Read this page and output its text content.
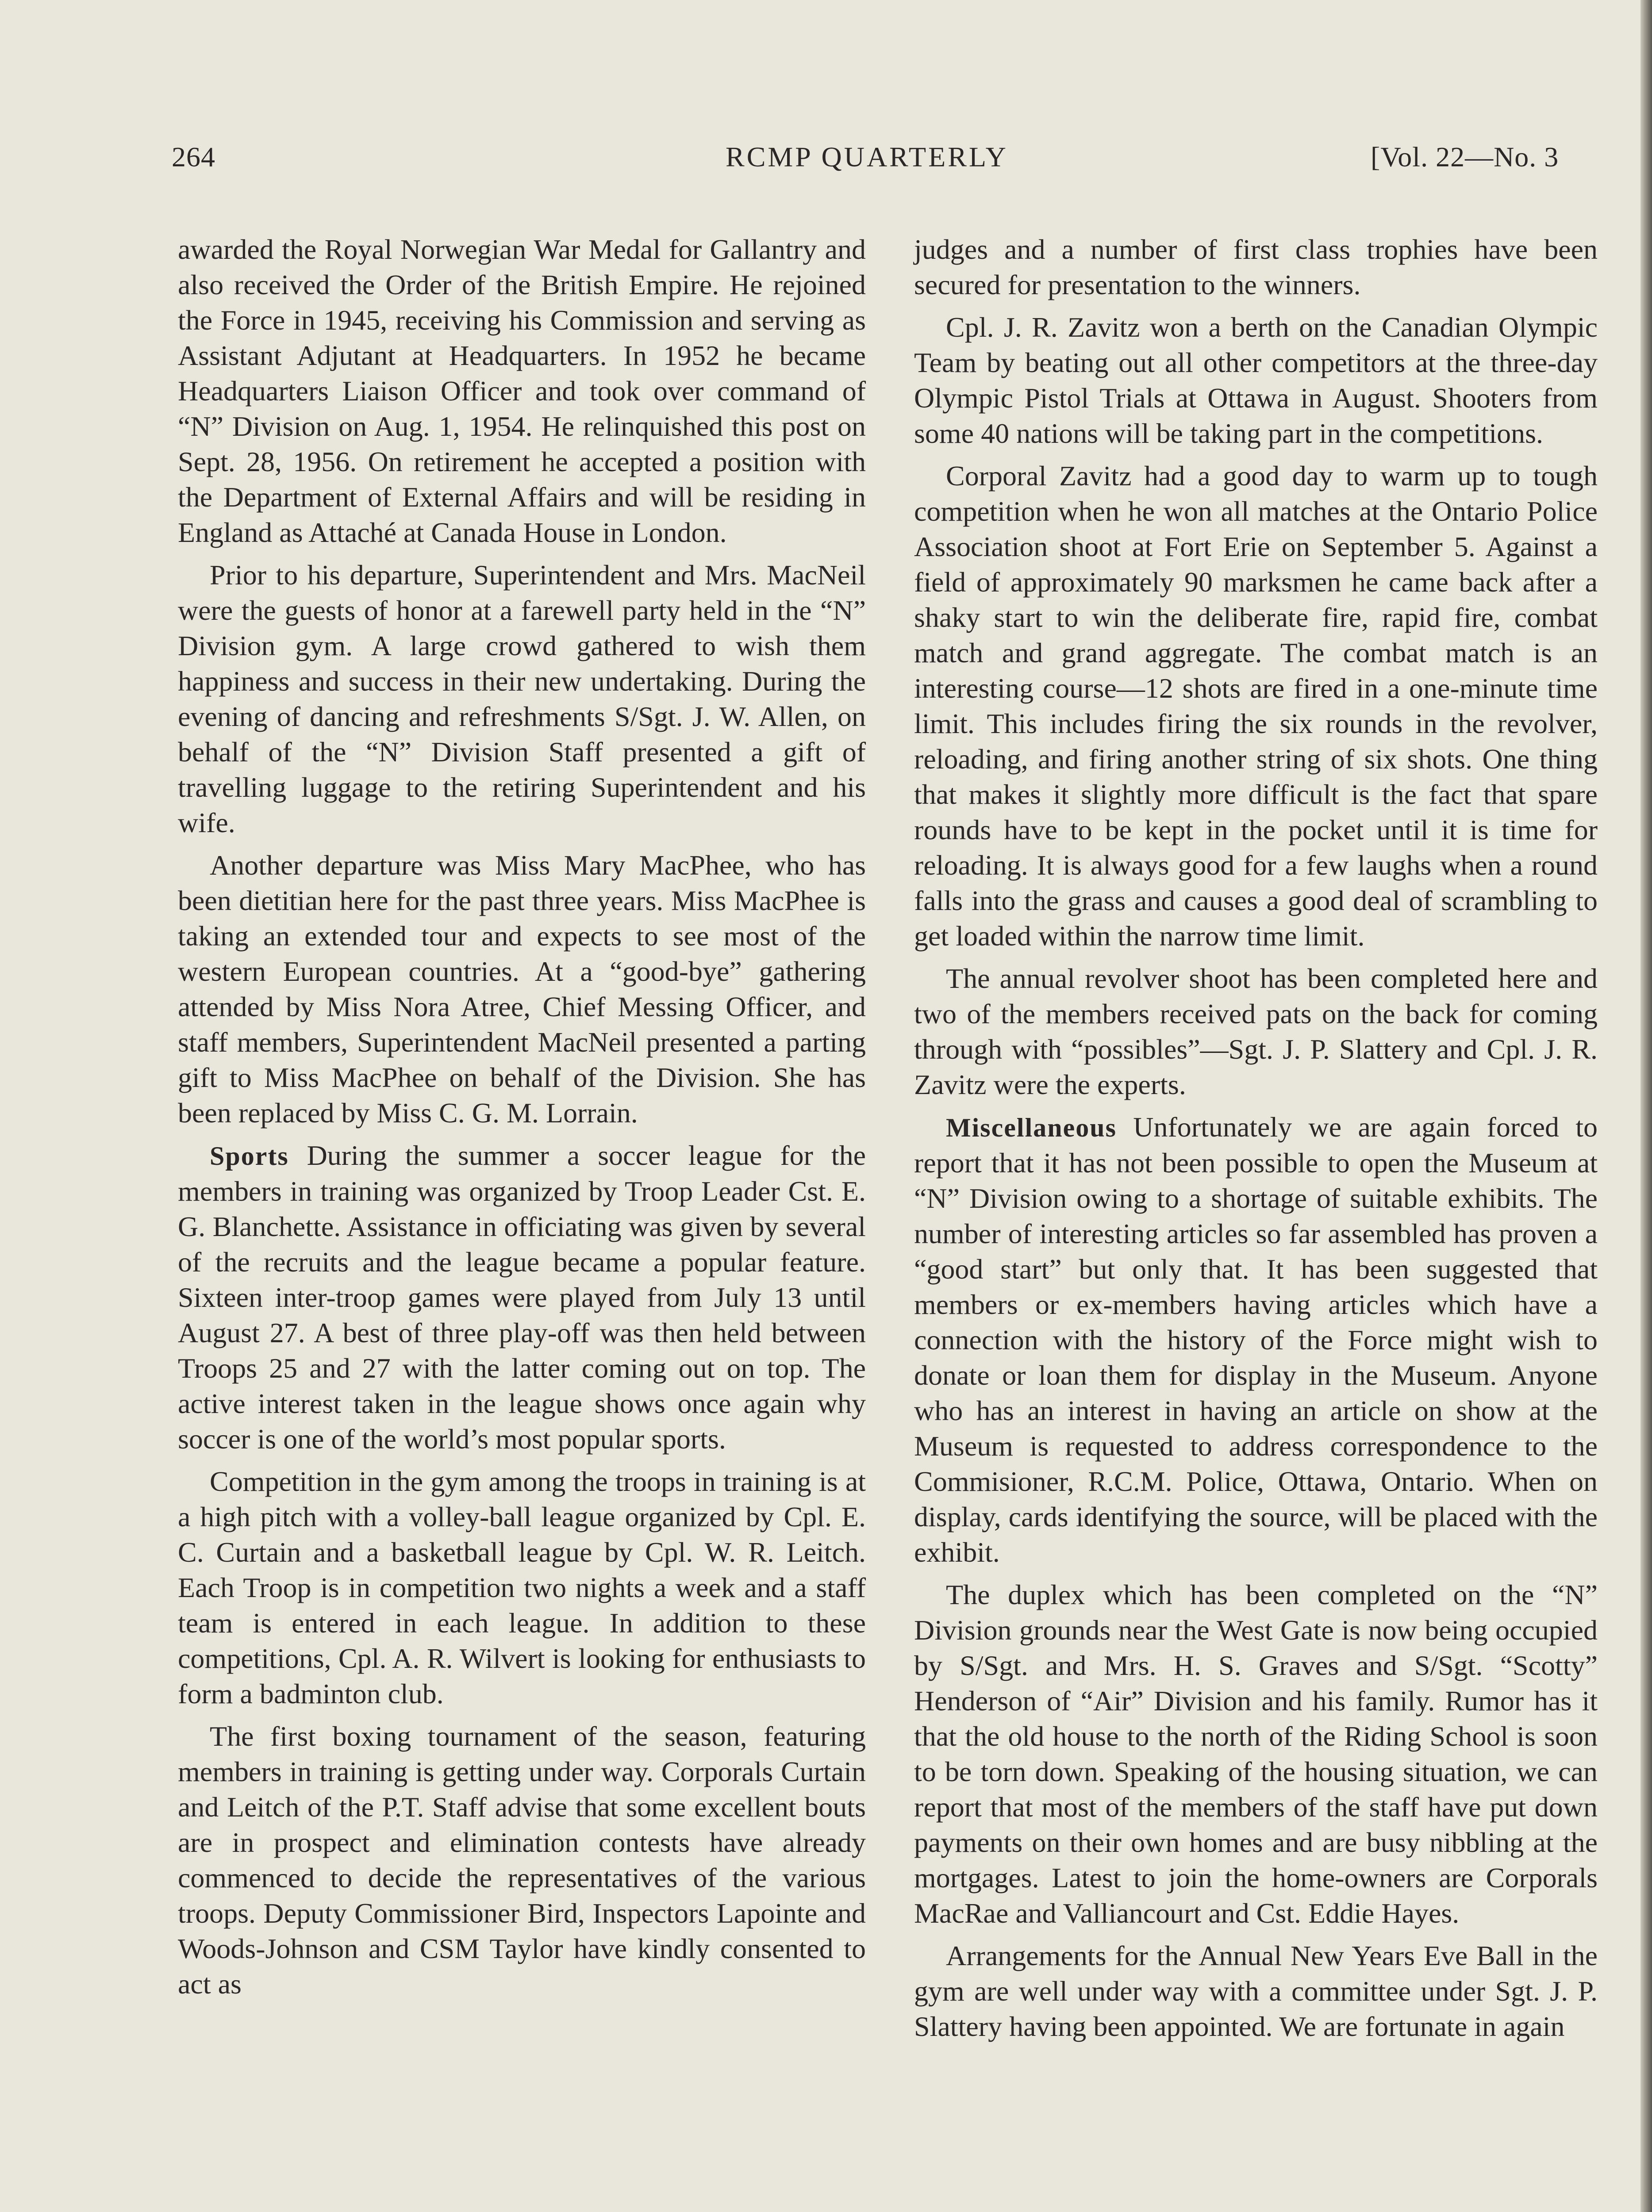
264	RCMP QUARTERLY	[Vol. 22—No. 3

awarded the Royal Norwegian War Medal for Gallantry and also received the Order of the British Empire. He rejoined the Force in 1945, receiving his Commission and serving as Assistant Adjutant at Headquarters. In 1952 he became Headquarters Liaison Officer and took over command of “N” Division on Aug. 1, 1954. He relinquished this post on Sept. 28, 1956. On retirement he accepted a position with the Department of External Affairs and will be residing in England as Attaché at Canada House in London.

Prior to his departure, Superintendent and Mrs. MacNeil were the guests of honor at a farewell party held in the “N” Division gym. A large crowd gathered to wish them happiness and success in their new undertaking. During the evening of dancing and refreshments S/Sgt. J. W. Allen, on behalf of the “N” Division Staff presented a gift of travelling luggage to the retiring Superintendent and his wife.

Another departure was Miss Mary MacPhee, who has been dietitian here for the past three years. Miss MacPhee is taking an extended tour and expects to see most of the western European countries. At a “good-bye” gathering attended by Miss Nora Atree, Chief Messing Officer, and staff members, Superintendent MacNeil presented a parting gift to Miss MacPhee on behalf of the Division. She has been replaced by Miss C. G. M. Lorrain.

Sports During the summer a soccer league for the members in training was organized by Troop Leader Cst. E. G. Blanchette. Assistance in officiating was given by several of the recruits and the league became a popular feature. Sixteen inter-troop games were played from July 13 until August 27. A best of three play-off was then held between Troops 25 and 27 with the latter coming out on top. The active interest taken in the league shows once again why soccer is one of the world’s most popular sports.

Competition in the gym among the troops in training is at a high pitch with a volley-ball league organized by Cpl. E. C. Curtain and a basketball league by Cpl. W. R. Leitch. Each Troop is in competition two nights a week and a staff team is entered in each league. In addition to these competitions, Cpl. A. R. Wilvert is looking for enthusiasts to form a badminton club.

The first boxing tournament of the season, featuring members in training is getting under way. Corporals Curtain and Leitch of the P.T. Staff advise that some excellent bouts are in prospect and elimination contests have already commenced to decide the representatives of the various troops. Deputy Commissioner Bird, Inspectors Lapointe and Woods-Johnson and CSM Taylor have kindly consented to act as

judges and a number of first class trophies have been secured for presentation to the winners.

Cpl. J. R. Zavitz won a berth on the Canadian Olympic Team by beating out all other competitors at the three-day Olympic Pistol Trials at Ottawa in August. Shooters from some 40 nations will be taking part in the competitions.

Corporal Zavitz had a good day to warm up to tough competition when he won all matches at the Ontario Police Association shoot at Fort Erie on September 5. Against a field of approximately 90 marksmen he came back after a shaky start to win the deliberate fire, rapid fire, combat match and grand aggregate. The combat match is an interesting course—12 shots are fired in a one-minute time limit. This includes firing the six rounds in the revolver, reloading, and firing another string of six shots. One thing that makes it slightly more difficult is the fact that spare rounds have to be kept in the pocket until it is time for reloading. It is always good for a few laughs when a round falls into the grass and causes a good deal of scrambling to get loaded within the narrow time limit.

The annual revolver shoot has been completed here and two of the members received pats on the back for coming through with “possibles”—Sgt. J. P. Slattery and Cpl. J. R. Zavitz were the experts.

Miscellaneous Unfortunately we are again forced to report that it has not been possible to open the Museum at “N” Division owing to a shortage of suitable exhibits. The number of interesting articles so far assembled has proven a “good start” but only that. It has been suggested that members or ex-members having articles which have a connection with the history of the Force might wish to donate or loan them for display in the Museum. Anyone who has an interest in having an article on show at the Museum is requested to address correspondence to the Commisioner, R.C.M. Police, Ottawa, Ontario. When on display, cards identifying the source, will be placed with the exhibit.

The duplex which has been completed on the “N” Division grounds near the West Gate is now being occupied by S/Sgt. and Mrs. H. S. Graves and S/Sgt. “Scotty” Henderson of “Air” Division and his family. Rumor has it that the old house to the north of the Riding School is soon to be torn down. Speaking of the housing situation, we can report that most of the members of the staff have put down payments on their own homes and are busy nibbling at the mortgages. Latest to join the home-owners are Corporals MacRae and Valliancourt and Cst. Eddie Hayes.

Arrangements for the Annual New Years Eve Ball in the gym are well under way with a committee under Sgt. J. P. Slattery having been appointed. We are fortunate in again
